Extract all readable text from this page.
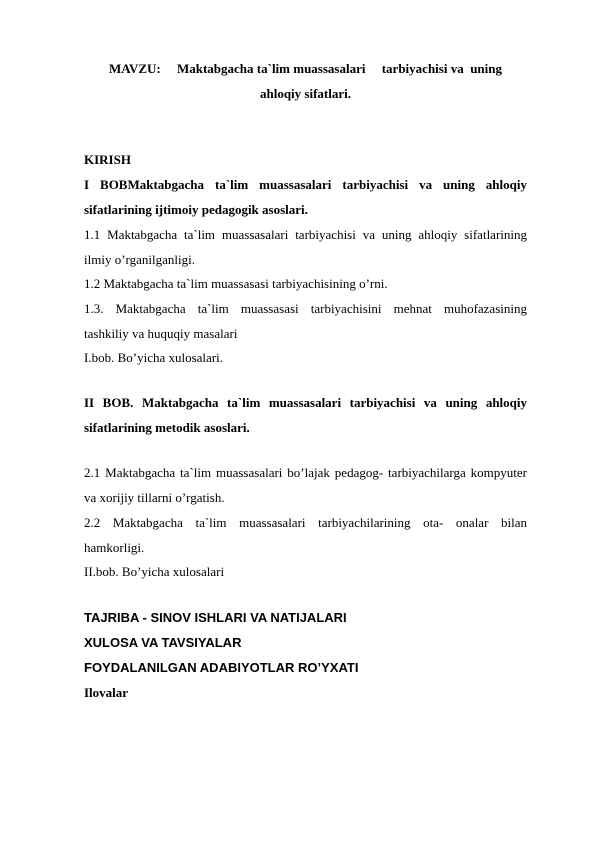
MAVZU:     Maktabgacha ta`lim muassasalari     tarbiyachisi va  uning
ahloqiy sifatlari.
KIRISH
I BOBMaktabgacha ta`lim muassasalari tarbiyachisi va uning ahloqiy
sifatlarining ijtimoiy pedagogik asoslari.
1.1 Maktabgacha ta`lim muassasalari tarbiyachisi va uning ahloqiy sifatlarining
ilmiy o’rganilganligi.
1.2 Maktabgacha ta`lim muassasasi tarbiyachisining o’rni.
1.3. Maktabgacha ta`lim muassasasi tarbiyachisini mehnat muhofazasining
tashkiliy va huquqiy masalari
I.bob. Bo’yicha xulosalari.
II BOB. Maktabgacha ta`lim muassasalari tarbiyachisi va uning ahloqiy
sifatlarining metodik asoslari.
2.1 Maktabgacha ta`lim muassasalari bo’lajak pedagog- tarbiyachilarga kompyuter
va xorijiy tillarni o’rgatish.
2.2 Maktabgacha ta`lim muassasalari tarbiyachilarining ota- onalar bilan
hamkorligi.
II.bob. Bo’yicha xulosalari
TAJRIBA - SINOV ISHLARI VA NATIJALARI
XULOSA VA TAVSIYALAR
FOYDALANILGAN ADABIYOTLAR RO’YXATI
Ilovalar
